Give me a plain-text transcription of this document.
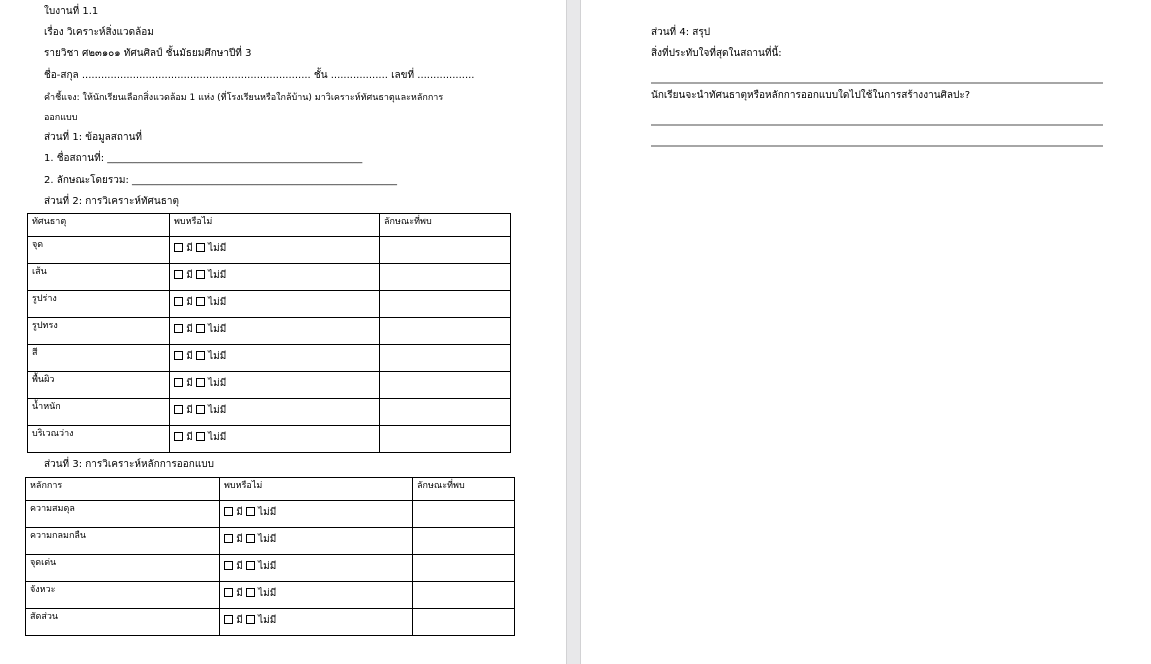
ใบงานที่ 1.1
เรื่อง วิเคราะห์สิ่งแวดล้อม
รายวิชา ศ๒๓๑๐๑ ทัศนศิลป์ ชั้นมัธยมศึกษาปีที่ 3
ชื่อ-สกุล ........................................................................ ชั้น .................. เลขที่ ..................
คำชี้แจง: ให้นักเรียนเลือกสิ่งแวดล้อม 1 แห่ง (ที่โรงเรียนหรือใกล้บ้าน) มาวิเคราะห์ทัศนธาตุและหลักการ
ออกแบบ
ส่วนที่ 1: ข้อมูลสถานที่
1. ชื่อสถานที่: ___________________________________________________
2. ลักษณะโดยรวม: _____________________________________________________
ส่วนที่ 2: การวิเคราะห์ทัศนธาตุ
ทัศนธาตุ	พบหรือไม่	ลักษณะที่พบ
จุด	มี ไม่มี	
เส้น	มี ไม่มี	
รูปร่าง	มี ไม่มี	
รูปทรง	มี ไม่มี	
สี	มี ไม่มี	
พื้นผิว	มี ไม่มี	
น้ำหนัก	มี ไม่มี	
บริเวณว่าง	มี ไม่มี	
ส่วนที่ 3: การวิเคราะห์หลักการออกแบบ
หลักการ	พบหรือไม่	ลักษณะที่พบ
ความสมดุล	มี ไม่มี	
ความกลมกลืน	มี ไม่มี	
จุดเด่น	มี ไม่มี	
จังหวะ	มี ไม่มี	
สัดส่วน	มี ไม่มี	
ส่วนที่ 4: สรุป
สิ่งที่ประทับใจที่สุดในสถานที่นี้:
นักเรียนจะนำทัศนธาตุหรือหลักการออกแบบใดไปใช้ในการสร้างงานศิลปะ?
